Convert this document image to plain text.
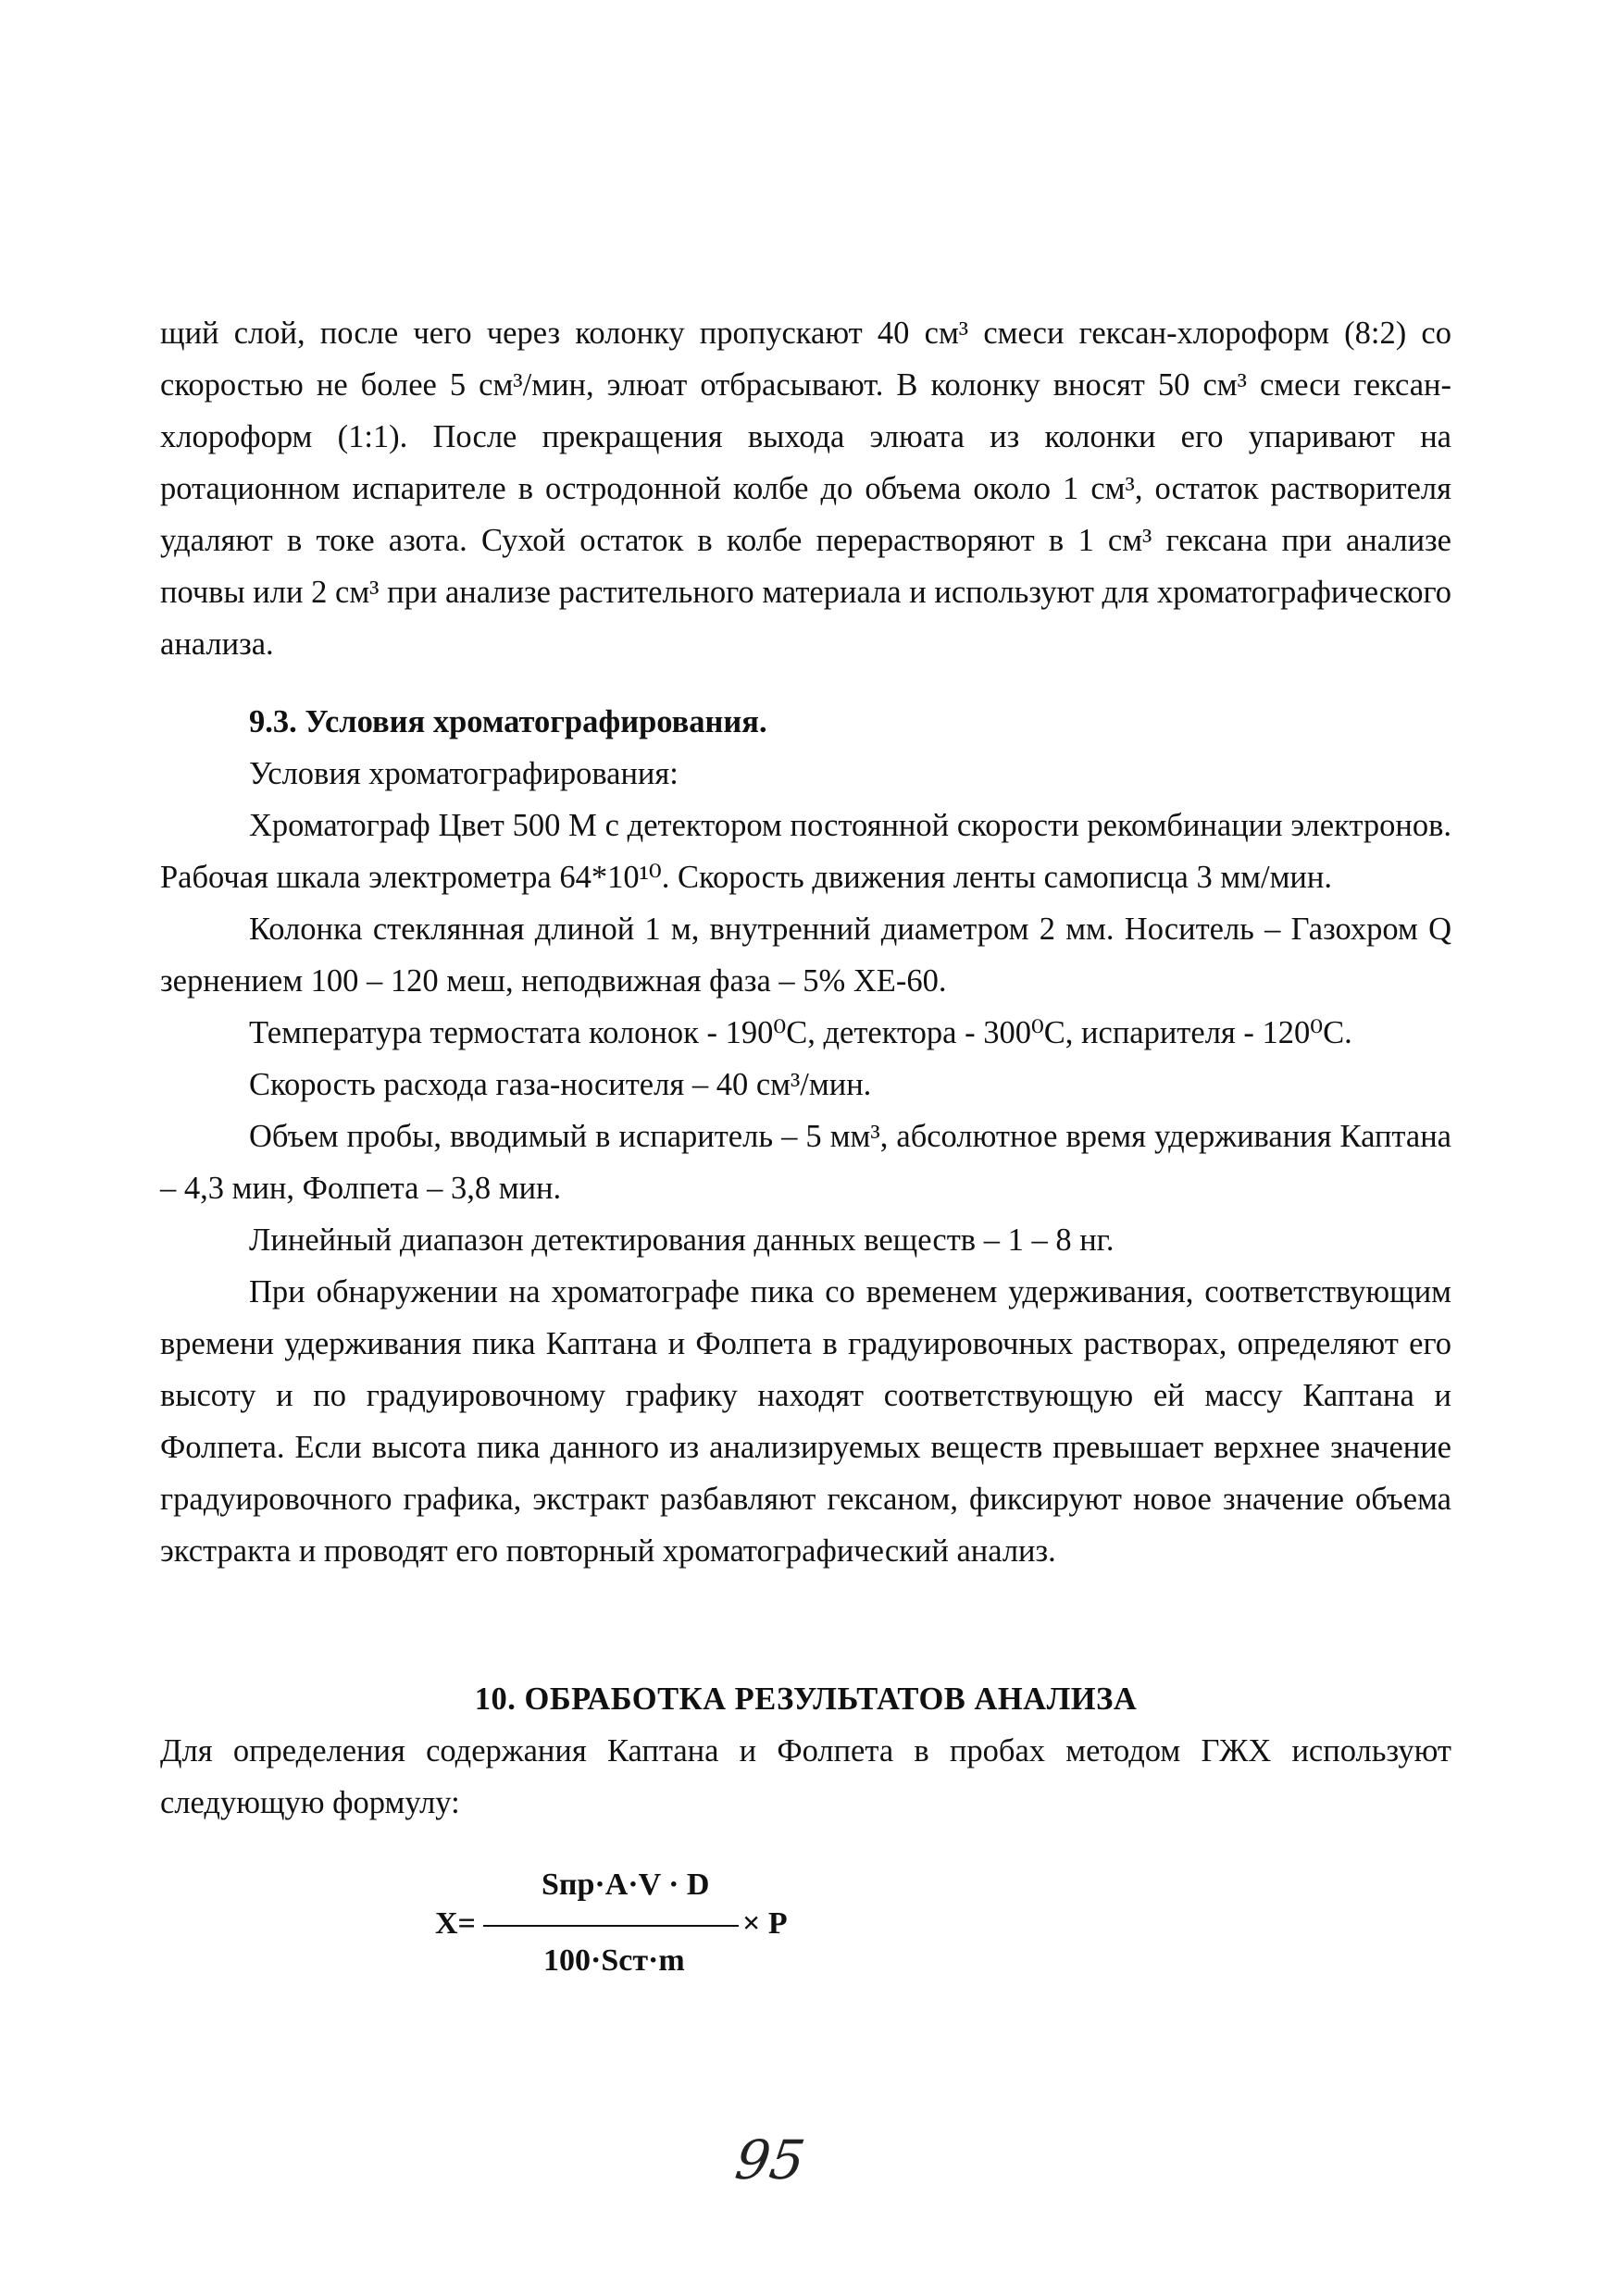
щий слой, после чего через колонку пропускают 40 см³ смеси гексан-хлороформ (8:2) со скоростью не более 5 см³/мин, элюат отбрасывают. В колонку вносят 50 см³ смеси гексан-хлороформ (1:1). После прекращения выхода элюата из колонки его упаривают на ротационном испарителе в остродонной колбе до объема около 1 см³, остаток растворителя удаляют в токе азота. Сухой остаток в колбе перерастворяют в 1 см³ гексана при анализе почвы или 2 см³ при анализе растительного материала и используют для хроматографического анализа.

9.3. Условия хроматографирования.

Условия хроматографирования:

Хроматограф Цвет 500 М с детектором постоянной скорости рекомбинации электронов. Рабочая шкала электрометра 64*10¹⁰. Скорость движения ленты самописца 3 мм/мин.

Колонка стеклянная длиной 1 м, внутренний диаметром 2 мм. Носитель – Газохром Q зернением 100 – 120 меш, неподвижная фаза – 5% ХЕ-60.

Температура термостата колонок - 190⁰С, детектора - 300⁰С, испарителя - 120⁰С.

Скорость расхода газа-носителя – 40 см³/мин.

Объем пробы, вводимый в испаритель – 5 мм³, абсолютное время удерживания Каптана – 4,3 мин, Фолпета – 3,8 мин.

Линейный диапазон детектирования данных веществ – 1 – 8 нг.

При обнаружении на хроматографе пика со временем удерживания, соответствующим времени удерживания пика Каптана и Фолпета в градуировочных растворах, определяют его высоту и по градуировочному графику находят соответствующую ей массу Каптана и Фолпета. Если высота пика данного из анализируемых веществ превышает верхнее значение градуировочного графика, экстракт разбавляют гексаном, фиксируют новое значение объема экстракта и проводят его повторный хроматографический анализ.

10. ОБРАБОТКА РЕЗУЛЬТАТОВ АНАЛИЗА

Для определения содержания Каптана и Фолпета в пробах методом ГЖХ используют следующую формулу:

X=
Sпр·A·V · D
100·Scт·m
× P
95
